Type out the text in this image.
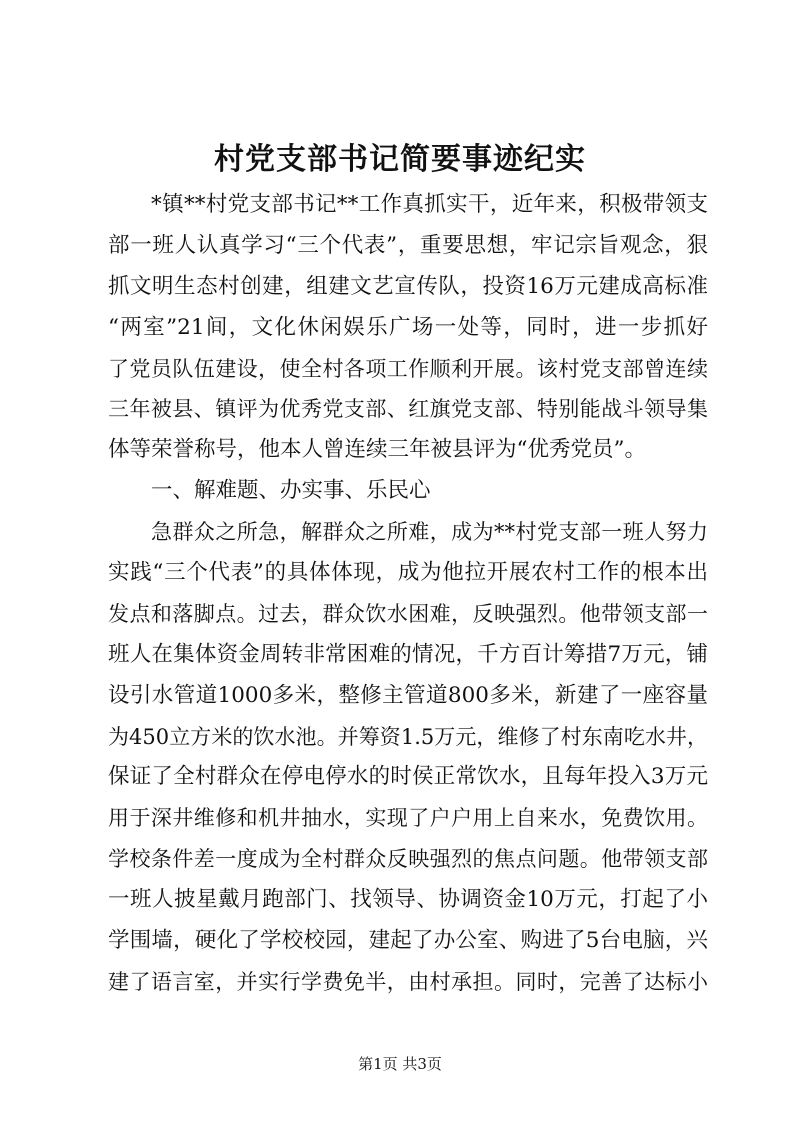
村党支部书记简要事迹纪实
*镇**村党支部书记**工作真抓实干，近年来，积极带领支
部一班人认真学习“三个代表”，重要思想，牢记宗旨观念，狠
抓文明生态村创建，组建文艺宣传队，投资16万元建成高标准
“两室”21间，文化休闲娱乐广场一处等，同时，进一步抓好
了党员队伍建设，使全村各项工作顺利开展。该村党支部曾连续
三年被县、镇评为优秀党支部、红旗党支部、特别能战斗领导集
体等荣誉称号，他本人曾连续三年被县评为“优秀党员”。
一、解难题、办实事、乐民心
急群众之所急，解群众之所难，成为**村党支部一班人努力
实践“三个代表”的具体体现，成为他拉开展农村工作的根本出
发点和落脚点。过去，群众饮水困难，反映强烈。他带领支部一
班人在集体资金周转非常困难的情况，千方百计筹措7万元，铺
设引水管道1000多米，整修主管道800多米，新建了一座容量
为450立方米的饮水池。并筹资1.5万元，维修了村东南吃水井，
保证了全村群众在停电停水的时侯正常饮水，且每年投入3万元
用于深井维修和机井抽水，实现了户户用上自来水，免费饮用。
学校条件差一度成为全村群众反映强烈的焦点问题。他带领支部
一班人披星戴月跑部门、找领导、协调资金10万元，打起了小
学围墙，硬化了学校校园，建起了办公室、购进了5台电脑，兴
建了语言室，并实行学费免半，由村承担。同时，完善了达标小
第1页 共3页
